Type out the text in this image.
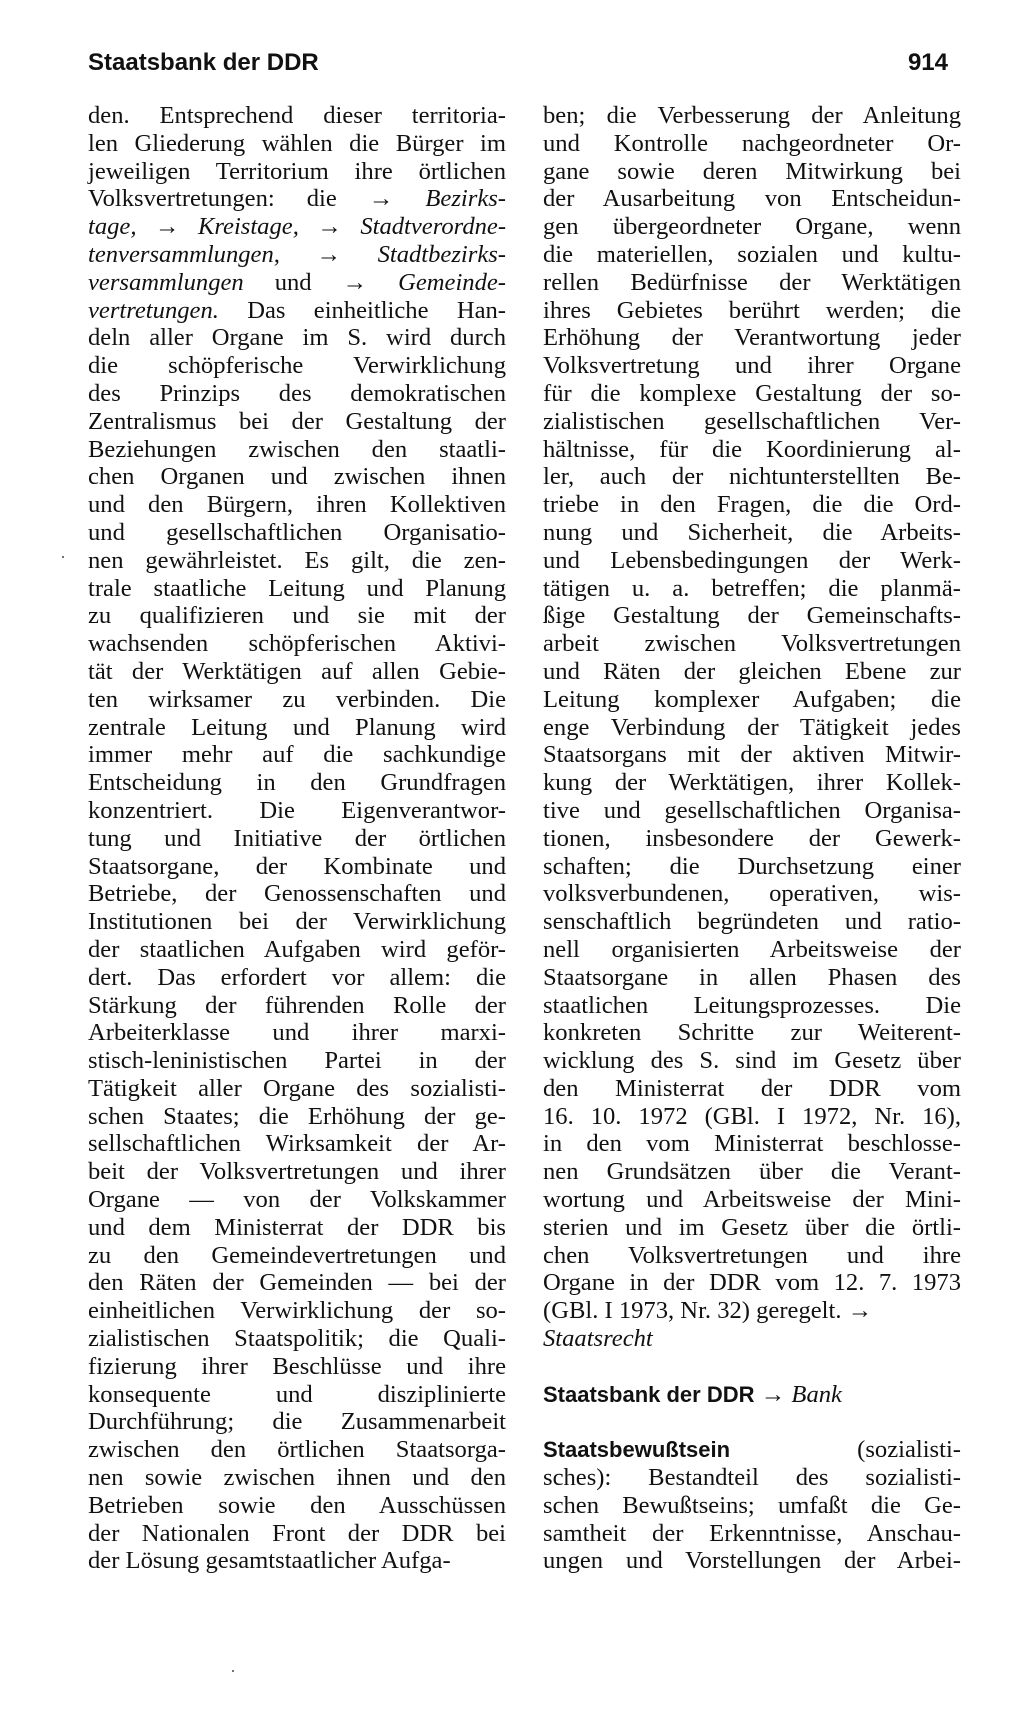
Staatsbank der DDR	914
den. Entsprechend dieser territoria-
len Gliederung wählen die Bürger im
jeweiligen Territorium ihre örtlichen
Volksvertretungen: die → Bezirks-
tage, → Kreistage, → Stadtverordne-
tenversammlungen, → Stadtbezirks-
versammlungen und → Gemeinde-
vertretungen. Das einheitliche Han-
deln aller Organe im S. wird durch
die schöpferische Verwirklichung
des Prinzips des demokratischen
Zentralismus bei der Gestaltung der
Beziehungen zwischen den staatli-
chen Organen und zwischen ihnen
und den Bürgern, ihren Kollektiven
und gesellschaftlichen Organisatio-
nen gewährleistet. Es gilt, die zen-
trale staatliche Leitung und Planung
zu qualifizieren und sie mit der
wachsenden schöpferischen Aktivi-
tät der Werktätigen auf allen Gebie-
ten wirksamer zu verbinden. Die
zentrale Leitung und Planung wird
immer mehr auf die sachkundige
Entscheidung in den Grundfragen
konzentriert. Die Eigenverantwor-
tung und Initiative der örtlichen
Staatsorgane, der Kombinate und
Betriebe, der Genossenschaften und
Institutionen bei der Verwirklichung
der staatlichen Aufgaben wird geför-
dert. Das erfordert vor allem: die
Stärkung der führenden Rolle der
Arbeiterklasse und ihrer marxi-
stisch-leninistischen Partei in der
Tätigkeit aller Organe des sozialisti-
schen Staates; die Erhöhung der ge-
sellschaftlichen Wirksamkeit der Ar-
beit der Volksvertretungen und ihrer
Organe — von der Volkskammer
und dem Ministerrat der DDR bis
zu den Gemeindevertretungen und
den Räten der Gemeinden — bei der
einheitlichen Verwirklichung der so-
zialistischen Staatspolitik; die Quali-
fizierung ihrer Beschlüsse und ihre
konsequente und disziplinierte
Durchführung; die Zusammenarbeit
zwischen den örtlichen Staatsorga-
nen sowie zwischen ihnen und den
Betrieben sowie den Ausschüssen
der Nationalen Front der DDR bei
der Lösung gesamtstaatlicher Aufga-
ben; die Verbesserung der Anleitung
und Kontrolle nachgeordneter Or-
gane sowie deren Mitwirkung bei
der Ausarbeitung von Entscheidun-
gen übergeordneter Organe, wenn
die materiellen, sozialen und kultu-
rellen Bedürfnisse der Werktätigen
ihres Gebietes berührt werden; die
Erhöhung der Verantwortung jeder
Volksvertretung und ihrer Organe
für die komplexe Gestaltung der so-
zialistischen gesellschaftlichen Ver-
hältnisse, für die Koordinierung al-
ler, auch der nichtunterstellten Be-
triebe in den Fragen, die die Ord-
nung und Sicherheit, die Arbeits-
und Lebensbedingungen der Werk-
tätigen u. a. betreffen; die planmä-
ßige Gestaltung der Gemeinschafts-
arbeit zwischen Volksvertretungen
und Räten der gleichen Ebene zur
Leitung komplexer Aufgaben; die
enge Verbindung der Tätigkeit jedes
Staatsorgans mit der aktiven Mitwir-
kung der Werktätigen, ihrer Kollek-
tive und gesellschaftlichen Organisa-
tionen, insbesondere der Gewerk-
schaften; die Durchsetzung einer
volksverbundenen, operativen, wis-
senschaftlich begründeten und ratio-
nell organisierten Arbeitsweise der
Staatsorgane in allen Phasen des
staatlichen Leitungsprozesses. Die
konkreten Schritte zur Weiterent-
wicklung des S. sind im Gesetz über
den Ministerrat der DDR vom
16. 10. 1972 (GBl. I 1972, Nr. 16),
in den vom Ministerrat beschlosse-
nen Grundsätzen über die Verant-
wortung und Arbeitsweise der Mini-
sterien und im Gesetz über die örtli-
chen Volksvertretungen und ihre
Organe in der DDR vom 12. 7. 1973
(GBl. I 1973, Nr. 32) geregelt. →
Staatsrecht
Staatsbank der DDR → Bank
Staatsbewußtsein	(sozialisti-
sches): Bestandteil des sozialisti-
schen Bewußtseins; umfaßt die Ge-
samtheit der Erkenntnisse, Anschau-
ungen und Vorstellungen der Arbei-
